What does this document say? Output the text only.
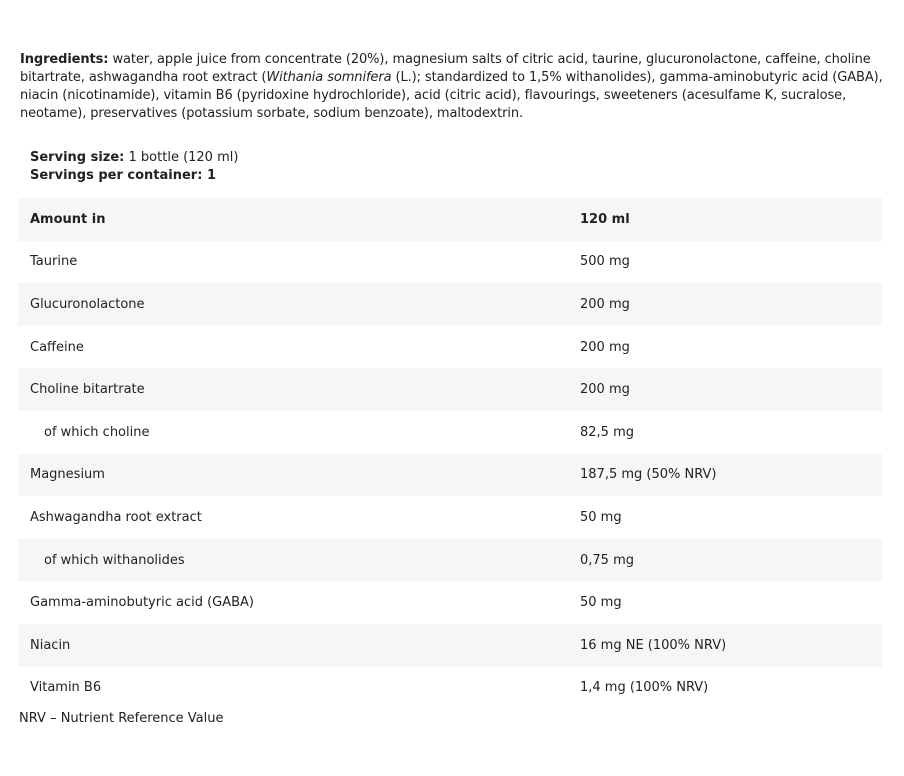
Ingredients: water, apple juice from concentrate (20%), magnesium salts of citric acid, taurine, glucuronolactone, caffeine, choline bitartrate, ashwagandha root extract (Withania somnifera (L.); standardized to 1,5% withanolides), gamma-aminobutyric acid (GABA), niacin (nicotinamide), vitamin B6 (pyridoxine hydrochloride), acid (citric acid), flavourings, sweeteners (acesulfame K, sucralose, neotame), preservatives (potassium sorbate, sodium benzoate), maltodextrin.
Serving size: 1 bottle (120 ml)
Servings per container: 1
Amount in	120 ml
Taurine	500 mg
Glucuronolactone	200 mg
Caffeine	200 mg
Choline bitartrate	200 mg
of which choline	82,5 mg
Magnesium	187,5 mg (50% NRV)
Ashwagandha root extract	50 mg
of which withanolides	0,75 mg
Gamma-aminobutyric acid (GABA)	50 mg
Niacin	16 mg NE (100% NRV)
Vitamin B6	1,4 mg (100% NRV)
NRV – Nutrient Reference Value
